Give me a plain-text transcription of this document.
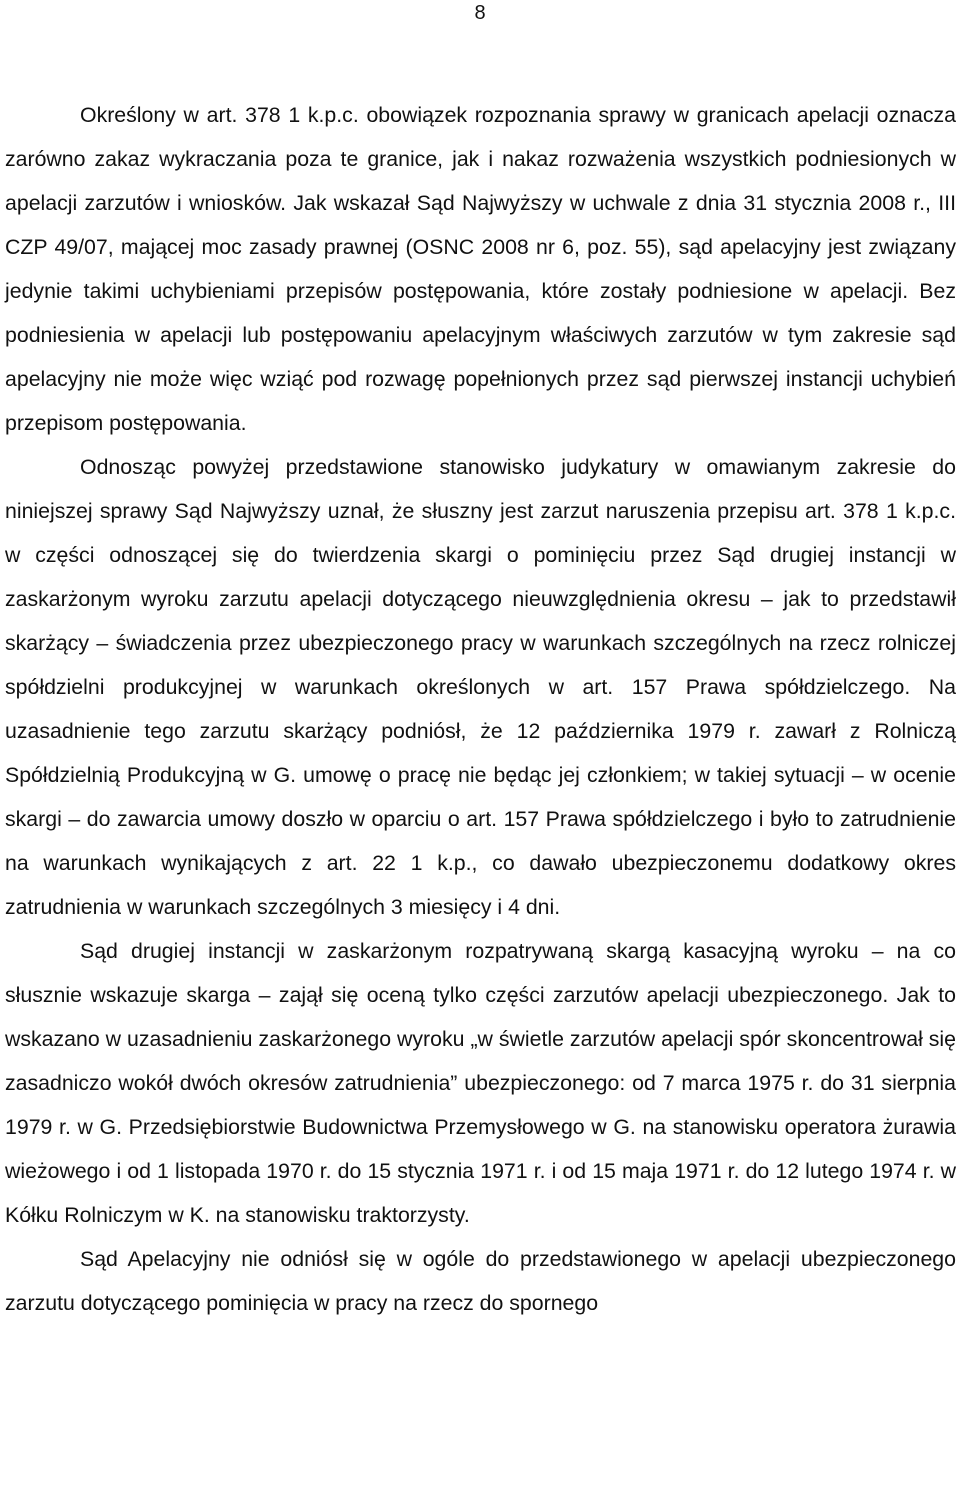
8

Określony w art. 378 1 k.p.c. obowiązek rozpoznania sprawy w granicach apelacji oznacza zarówno zakaz wykraczania poza te granice, jak i nakaz rozważenia wszystkich podniesionych w apelacji zarzutów i wniosków. Jak wskazał Sąd Najwyższy w uchwale z dnia 31 stycznia 2008 r., III CZP 49/07, mającej moc zasady prawnej (OSNC 2008 nr 6, poz. 55), sąd apelacyjny jest związany jedynie takimi uchybieniami przepisów postępowania, które zostały podniesione w apelacji. Bez podniesienia w apelacji lub postępowaniu apelacyjnym właściwych zarzutów w tym zakresie sąd apelacyjny nie może więc wziąć pod rozwagę popełnionych przez sąd pierwszej instancji uchybień przepisom postępowania.

Odnosząc powyżej przedstawione stanowisko judykatury w omawianym zakresie do niniejszej sprawy Sąd Najwyższy uznał, że słuszny jest zarzut naruszenia przepisu art. 378 1 k.p.c. w części odnoszącej się do twierdzenia skargi o pominięciu przez Sąd drugiej instancji w zaskarżonym wyroku zarzutu apelacji dotyczącego nieuwzględnienia okresu – jak to przedstawił skarżący – świadczenia przez ubezpieczonego pracy w warunkach szczególnych na rzecz rolniczej spółdzielni produkcyjnej w warunkach określonych w art. 157 Prawa spółdzielczego. Na uzasadnienie tego zarzutu skarżący podniósł, że 12 października 1979 r. zawarł z Rolniczą Spółdzielnią Produkcyjną w G. umowę o pracę nie będąc jej członkiem; w takiej sytuacji – w ocenie skargi – do zawarcia umowy doszło w oparciu o art. 157 Prawa spółdzielczego i było to zatrudnienie na warunkach wynikających z art. 22 1 k.p., co dawało ubezpieczonemu dodatkowy okres zatrudnienia w warunkach szczególnych 3 miesięcy i 4 dni.

Sąd drugiej instancji w zaskarżonym rozpatrywaną skargą kasacyjną wyroku – na co słusznie wskazuje skarga – zajął się oceną tylko części zarzutów apelacji ubezpieczonego. Jak to wskazano w uzasadnieniu zaskarżonego wyroku „w świetle zarzutów apelacji spór skoncentrował się zasadniczo wokół dwóch okresów zatrudnienia” ubezpieczonego: od 7 marca 1975 r. do 31 sierpnia 1979 r. w G. Przedsiębiorstwie Budownictwa Przemysłowego w G. na stanowisku operatora żurawia wieżowego i od 1 listopada 1970 r. do 15 stycznia 1971 r. i od 15 maja 1971 r. do 12 lutego 1974 r. w Kółku Rolniczym w K. na stanowisku traktorzysty.

Sąd Apelacyjny nie odniósł się w ogóle do przedstawionego w apelacji ubezpieczonego zarzutu dotyczącego pominięcia w pracy na rzecz do spornego
